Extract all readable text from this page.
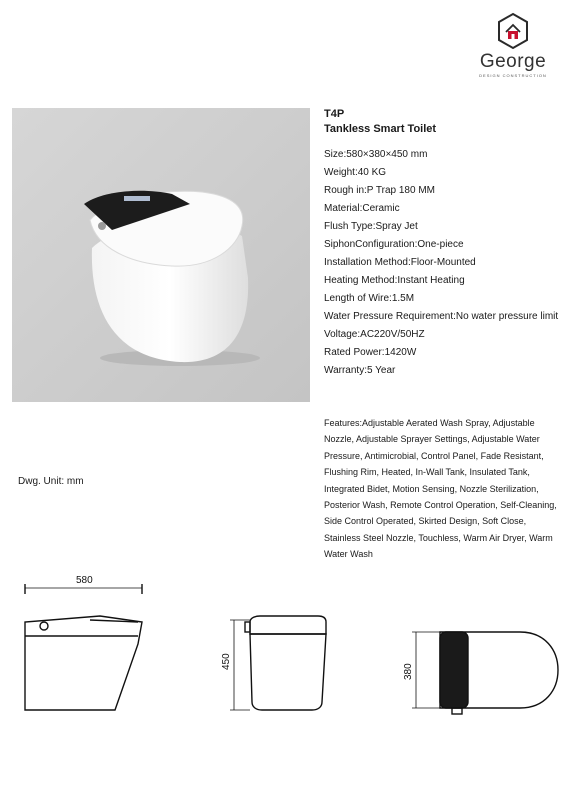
George
DESIGN CONSTRUCTION
T4P
Tankless Smart Toilet
Size:580×380×450 mm
Weight:40 KG
Rough in:P Trap 180 MM
Material:Ceramic
Flush Type:Spray Jet
SiphonConfiguration:One-piece
Installation Method:Floor-Mounted
Heating Method:Instant Heating
Length of Wire:1.5M
Water Pressure Requirement:No water pressure limit
Voltage:AC220V/50HZ
Rated Power:1420W
Warranty:5 Year
Features:Adjustable Aerated Wash Spray, Adjustable Nozzle, Adjustable Sprayer Settings, Adjustable Water Pressure, Antimicrobial, Control Panel, Fade Resistant, Flushing Rim, Heated, In-Wall Tank, Insulated Tank, Integrated Bidet, Motion Sensing, Nozzle Sterilization, Posterior Wash, Remote Control Operation, Self-Cleaning, Side Control Operated, Skirted Design, Soft Close, Stainless Steel Nozzle, Touchless, Warm Air Dryer, Warm Water Wash
Dwg. Unit: mm
580
450
380
